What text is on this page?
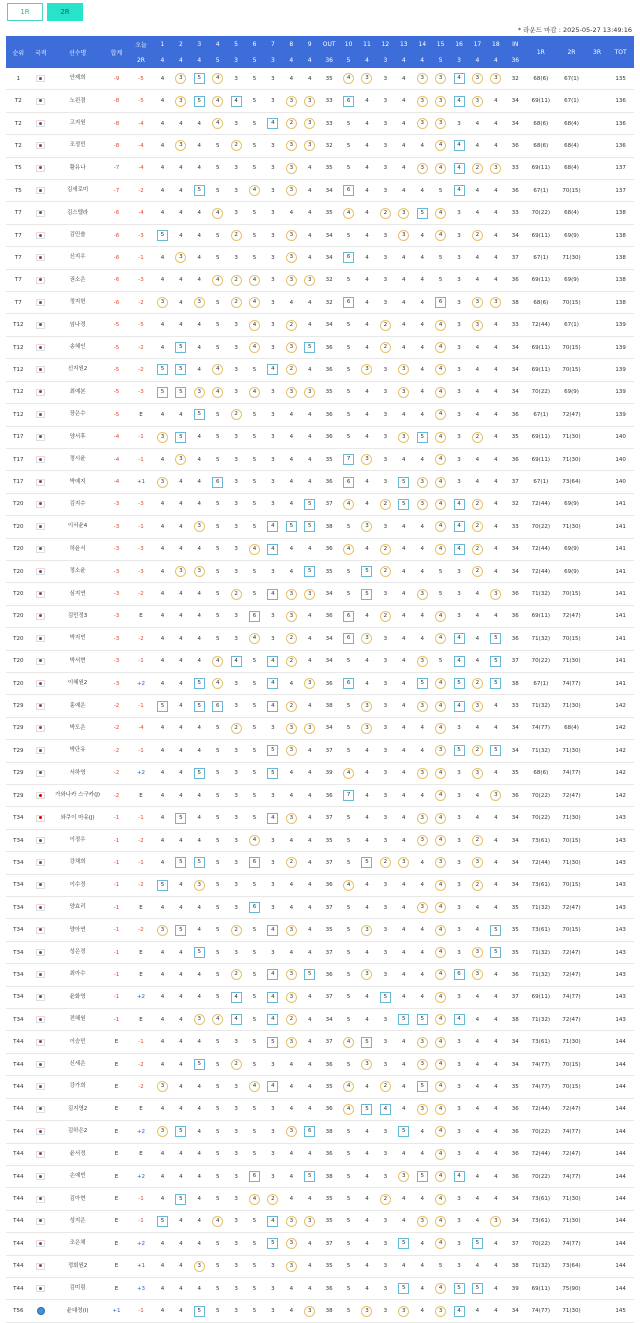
1R	2R
* 라운드 마감 : 2025-05-27 13:49:16
순위	국적	선수명	합계	오늘	1	2	3	4	5	6	7	8	9	OUT	10	11	12	13	14	15	16	17	18	IN	1R	2R	3R	TOT
				2R	4	4	4	5	3	5	3	4	4	36	5	4	3	4	4	5	3	4	4	36				
1		안제희	-9	-5	4	3	5	4	3	5	3	4	4	35	4	3	3	4	3	3	4	3	3	32	68(6)	67(1)		135
T2		노윈겸	-8	-5	4	3	5	4	4	5	3	3	3	33	6	4	3	4	3	3	4	3	4	34	69(11)	67(1)		136
T2		고지원	-8	-4	4	4	4	4	3	5	4	2	3	33	5	4	3	4	3	3	3	4	4	34	68(6)	68(4)		136
T2		조정민	-8	-4	4	3	4	5	2	5	3	3	3	32	5	4	3	4	4	4	4	4	4	36	68(6)	68(4)		136
T5		황유나	-7	-4	4	4	4	5	3	5	3	3	4	35	5	4	3	4	3	4	4	2	3	33	69(11)	68(4)		137
T5		김새로미	-7	-2	4	4	5	5	3	4	3	3	4	34	6	4	3	4	4	5	4	4	4	36	67(1)	70(15)		137
T7		김스텔라	-6	-4	4	4	4	4	3	5	3	4	4	35	4	4	2	3	5	4	3	4	4	33	70(22)	68(4)		138
T7		김민솔	-6	-3	5	4	4	5	2	5	3	3	4	34	5	4	3	3	4	4	3	2	4	34	69(11)	69(9)		138
T7		신지우	-6	-1	4	3	4	5	3	5	3	3	4	34	6	4	3	4	4	5	3	4	4	37	67(1)	71(30)		138
T7		권소은	-6	-3	4	4	4	4	2	4	3	3	3	32	5	4	3	4	4	5	3	4	4	36	69(11)	69(9)		138
T7		정지헌	-6	-2	3	4	3	5	2	4	3	4	4	32	6	4	3	4	4	6	3	3	3	38	68(6)	70(15)		138
T12		임나경	-5	-5	4	4	4	5	3	4	3	2	4	34	5	4	2	4	4	4	3	3	4	33	72(44)	67(1)		139
T12		송혜인	-5	-2	4	5	4	5	3	4	3	3	5	36	5	4	2	4	4	4	3	4	4	34	69(11)	70(15)		139
T12		신지원2	-5	-2	5	5	4	4	3	5	4	2	4	36	5	3	3	3	4	4	3	4	4	34	69(11)	70(15)		139
T12		최예본	-5	-3	5	5	3	4	3	4	3	3	3	35	5	4	3	3	4	4	3	4	4	34	70(22)	69(9)		139
T12		장은수	-5	E	4	4	5	5	2	5	3	4	4	36	5	4	3	4	4	4	3	4	4	36	67(1)	72(47)		139
T17		양서후	-4	-1	3	5	4	5	3	5	3	4	4	36	5	4	3	3	5	4	3	2	4	35	69(11)	71(30)		140
T17		정시윤	-4	-1	4	3	4	5	3	5	3	4	4	35	7	3	3	4	4	4	3	4	4	36	69(11)	71(30)		140
T17		박예지	-4	+1	3	4	4	6	3	5	3	4	4	36	6	4	3	5	3	4	3	4	4	37	67(1)	73(64)		140
T20		김지수	-3	-3	4	4	4	5	3	5	3	4	5	37	4	4	2	5	3	4	4	2	4	32	72(44)	69(9)		141
T20		이서윤4	-3	-1	4	4	3	5	3	5	4	5	5	38	5	3	3	4	4	4	4	2	4	33	70(22)	71(30)		141
T20		허윤서	-3	-3	4	4	4	5	3	4	4	4	4	36	4	4	2	4	4	4	4	2	4	34	72(44)	69(9)		141
T20		정소윤	-3	-3	4	3	3	5	3	5	3	4	5	35	5	5	2	4	4	5	3	2	4	34	72(44)	69(9)		141
T20		심지연	-3	-2	4	4	4	5	2	5	4	3	3	34	5	5	3	4	3	5	3	4	3	36	71(32)	70(15)		141
T20		김민정3	-3	E	4	4	4	5	3	6	3	3	4	36	6	4	2	4	4	4	3	4	4	36	69(11)	72(47)		141
T20		박지빈	-3	-2	4	4	4	5	3	4	3	2	4	34	6	3	3	4	4	4	4	4	5	36	71(32)	70(15)		141
T20		박서현	-3	-1	4	4	4	4	4	5	4	2	4	34	5	4	3	4	3	5	4	4	5	37	70(22)	71(30)		141
T20		이혜원2	-3	+2	4	4	5	4	3	5	4	4	3	36	6	4	3	4	5	4	5	2	5	38	67(1)	74(77)		141
T29		홍예은	-2	-1	5	4	5	6	3	5	4	2	4	38	5	3	3	4	3	4	4	3	4	33	71(32)	71(30)		142
T29		박도은	-2	-4	4	4	4	5	2	5	3	3	3	34	5	3	3	4	4	4	3	4	4	34	74(77)	68(4)		142
T29		박단유	-2	-1	4	4	4	5	3	5	5	3	4	37	5	4	3	4	4	3	5	2	5	34	71(32)	71(30)		142
T29		서하영	-2	+2	4	4	5	5	3	5	5	4	4	39	4	4	3	4	3	4	3	3	4	35	68(6)	74(77)		142
T29		가와나카 스구카(J)	-2	E	4	4	4	5	3	5	3	4	4	36	7	4	3	4	4	4	3	4	3	36	70(22)	72(47)		142
T34		와쿠이 마유(J)	-1	-1	4	5	4	5	3	5	4	3	4	37	5	4	3	4	3	4	3	4	4	34	70(22)	71(30)		143
T34		이정우	-1	-2	4	4	4	5	3	4	3	4	4	35	5	4	3	4	3	4	3	2	4	34	73(61)	70(15)		143
T34		강채희	-1	-1	4	5	5	5	3	6	3	2	4	37	5	5	2	3	4	3	3	3	4	34	72(44)	71(30)		143
T34		이수정	-1	-2	5	4	3	5	3	5	3	4	4	36	4	4	3	4	4	4	3	2	4	34	73(61)	70(15)		143
T34		양효리	-1	E	4	4	4	5	3	6	3	4	4	37	5	4	3	4	3	4	3	4	4	35	71(32)	72(47)		143
T34		양아연	-1	-2	3	5	4	5	2	5	4	3	4	35	5	3	3	4	4	4	3	4	5	35	73(61)	70(15)		143
T34		성은정	-1	E	4	4	5	5	3	5	3	4	4	37	5	4	3	4	4	4	3	3	5	35	71(32)	72(47)		143
T34		최아수	-1	E	4	4	4	5	2	5	4	3	5	36	5	3	3	4	4	4	6	3	4	36	71(32)	72(47)		143
T34		윤화영	-1	+2	4	4	4	5	4	5	4	3	4	37	5	4	5	4	4	4	3	4	4	37	69(11)	74(77)		143
T34		전혜원	-1	E	4	4	3	4	4	5	4	2	4	34	5	4	3	5	5	4	4	4	4	38	71(32)	72(47)		143
T44		이승민	E	-1	4	4	4	5	3	5	5	3	4	37	4	5	3	4	3	4	3	4	4	34	73(61)	71(30)		144
T44		신세은	E	-2	4	4	5	5	2	5	3	4	4	36	5	3	3	4	3	4	3	4	4	34	74(77)	70(15)		144
T44		강가희	E	-2	3	4	4	5	3	4	4	4	4	35	4	4	2	4	5	4	3	4	4	35	74(77)	70(15)		144
T44		김지영2	E	E	4	4	4	5	3	5	3	4	4	36	4	5	4	4	3	4	3	4	4	36	72(44)	72(47)		144
T44		김하은2	E	+2	3	5	4	5	3	5	3	3	6	38	5	4	3	5	4	4	3	4	4	36	70(22)	74(77)		144
T44		윤서정	E	E	4	4	4	5	3	5	3	4	4	36	5	4	3	4	4	4	3	4	4	36	72(44)	72(47)		144
T44		손예빈	E	+2	4	4	4	5	3	6	3	4	5	38	5	4	3	3	5	4	4	4	4	36	70(22)	74(77)		144
T44		김아현	E	-1	4	5	4	5	3	4	2	4	4	35	5	4	2	4	4	4	3	4	4	34	73(61)	71(30)		144
T44		성지은	E	-1	5	4	4	4	3	5	4	3	3	35	5	4	3	4	3	4	3	4	3	34	73(61)	71(30)		144
T44		조은채	E	+2	4	4	4	5	3	5	5	3	4	37	5	4	3	5	4	4	3	5	4	37	70(22)	74(77)		144
T44		정회원2	E	+1	4	4	3	5	3	5	3	3	4	35	5	4	3	4	4	5	3	4	4	38	71(32)	73(64)		144
T44		김미림	E	+3	4	4	4	5	3	5	3	4	4	36	5	4	3	5	4	4	5	5	4	39	69(11)	75(90)		144
T56		윤대정(I)	+1	-1	4	4	5	5	3	5	3	4	3	38	5	3	3	3	4	3	4	4	4	34	74(77)	71(30)		145
